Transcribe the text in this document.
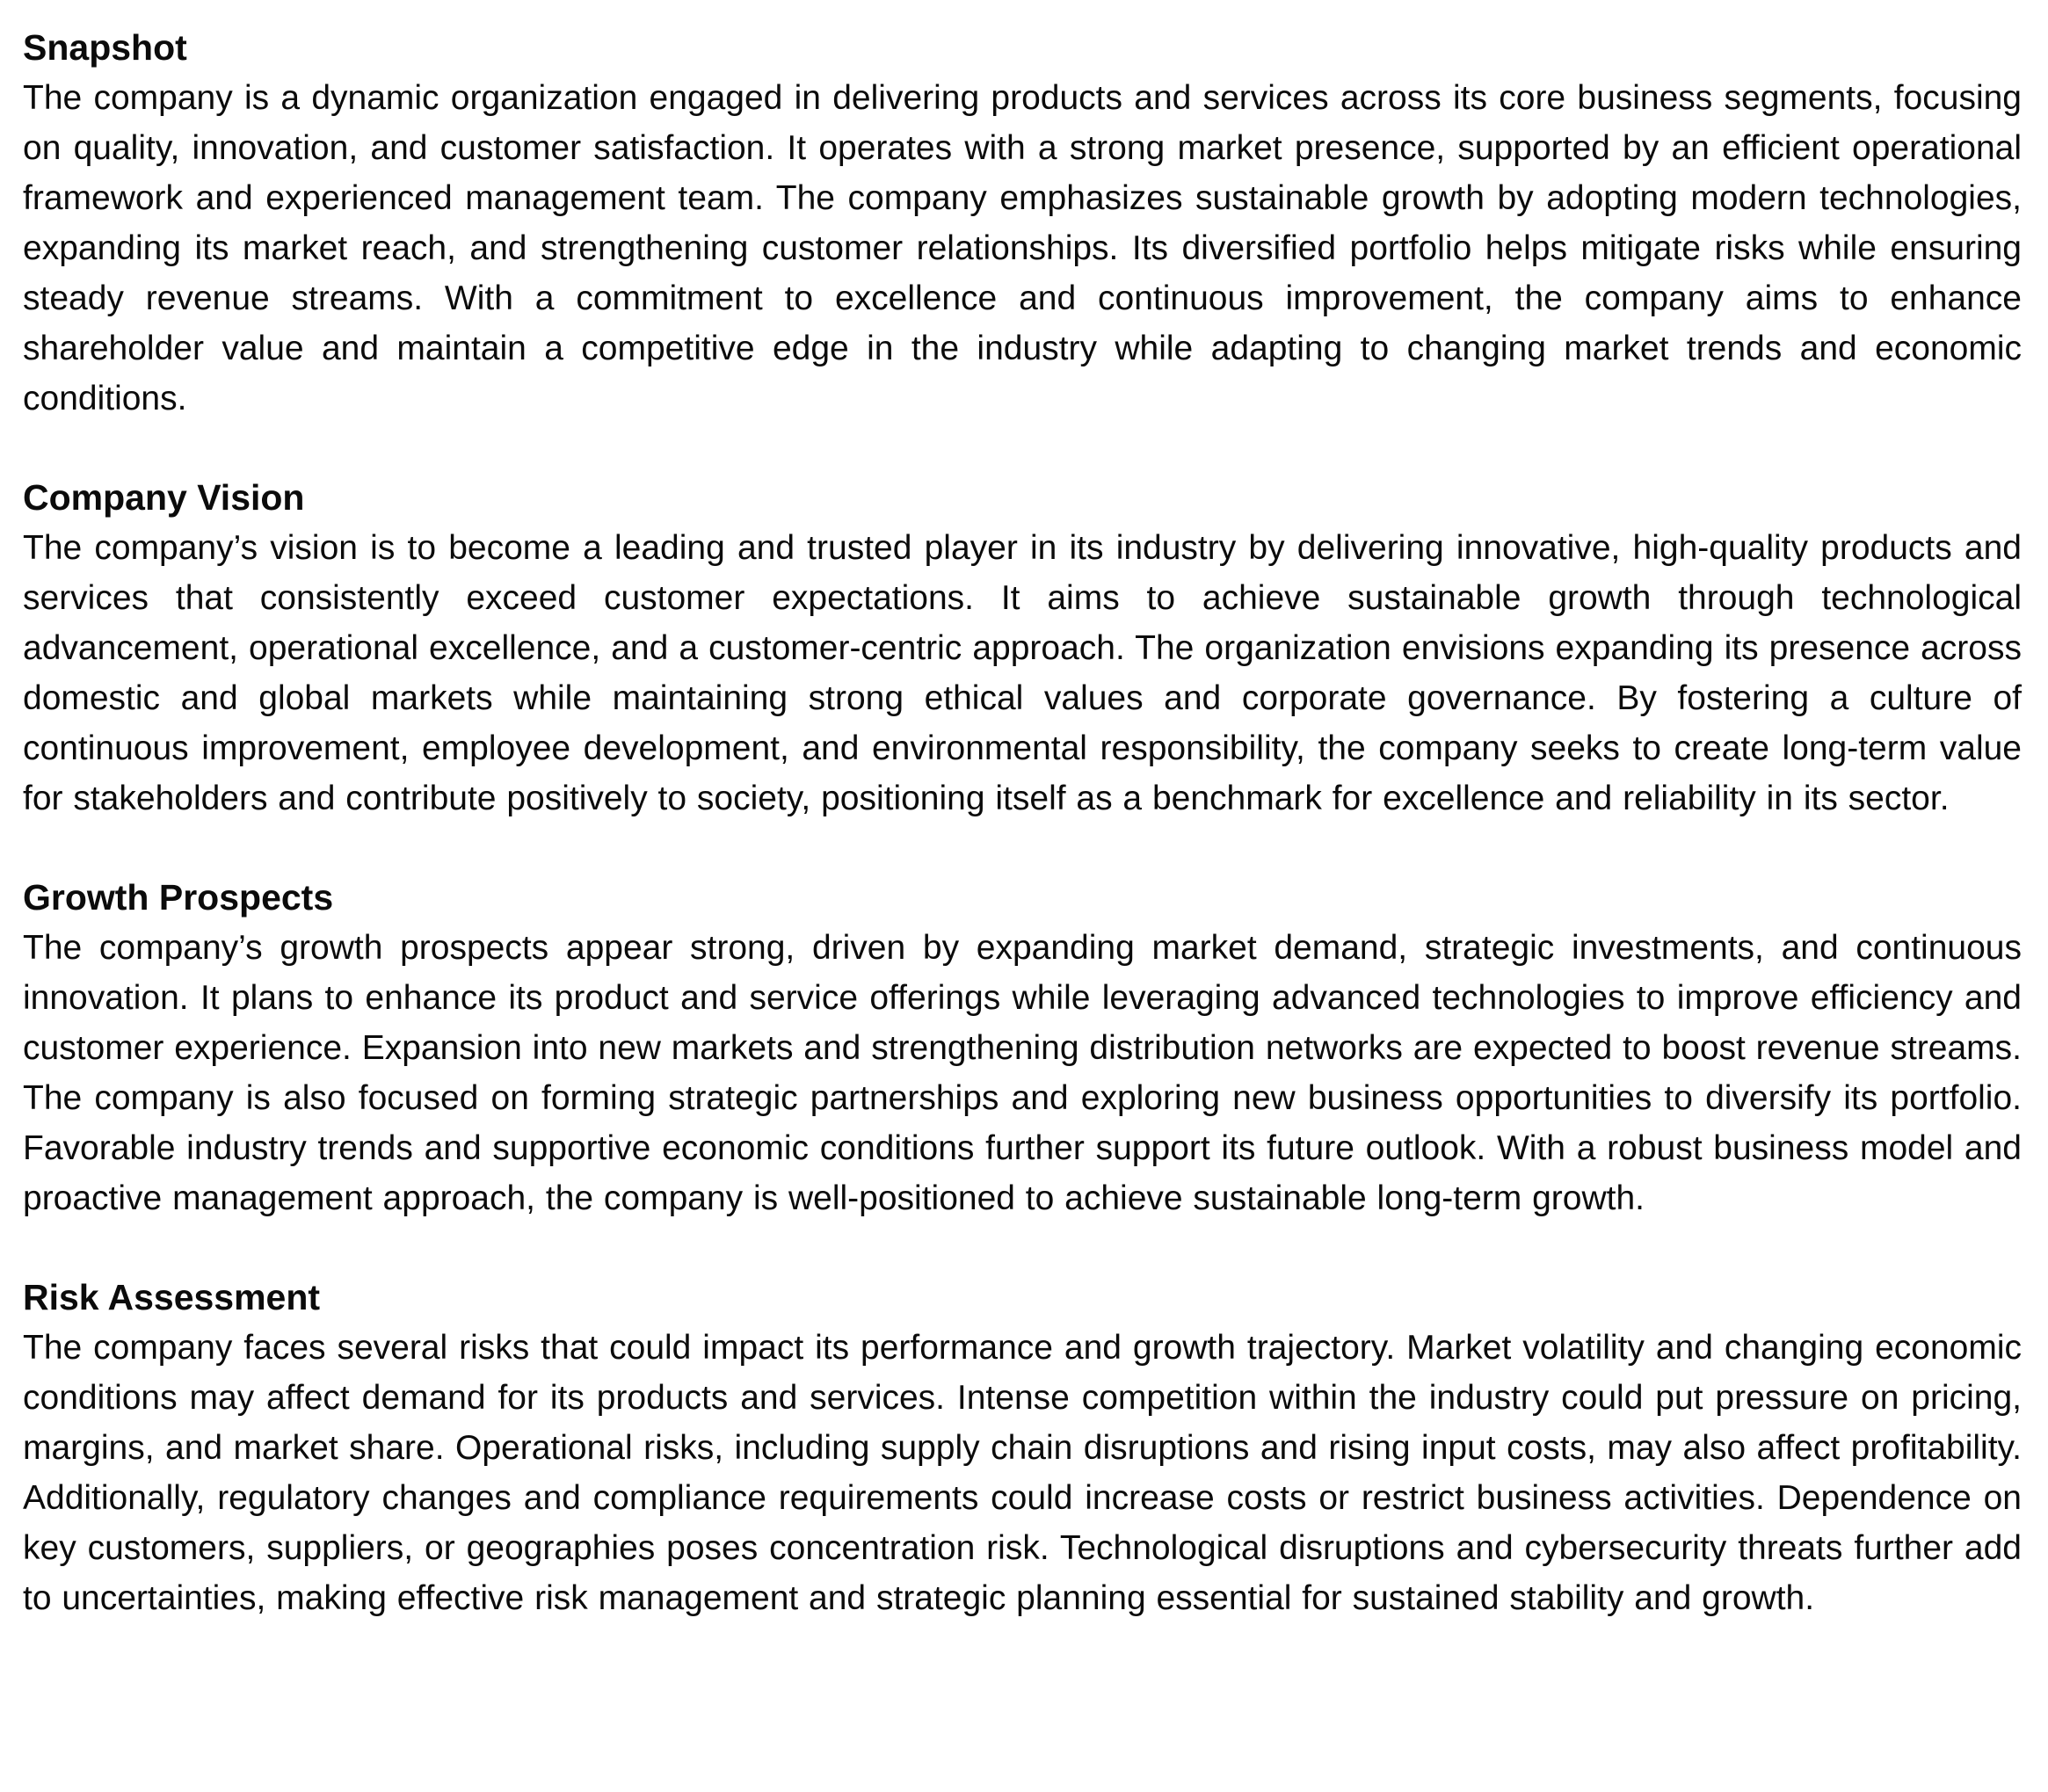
Snapshot

The company is a dynamic organization engaged in delivering products and services across its core business segments, focusing on quality, innovation, and customer satisfaction. It operates with a strong market presence, supported by an efficient operational framework and experienced management team. The company emphasizes sustainable growth by adopting modern technologies, expanding its market reach, and strengthening customer relationships. Its diversified portfolio helps mitigate risks while ensuring steady revenue streams. With a commitment to excellence and continuous improvement, the company aims to enhance shareholder value and maintain a competitive edge in the industry while adapting to changing market trends and economic conditions.

Company Vision

The company’s vision is to become a leading and trusted player in its industry by delivering innovative, high-quality products and services that consistently exceed customer expectations. It aims to achieve sustainable growth through technological advancement, operational excellence, and a customer-centric approach. The organization envisions expanding its presence across domestic and global markets while maintaining strong ethical values and corporate governance. By fostering a culture of continuous improvement, employee development, and environmental responsibility, the company seeks to create long-term value for stakeholders and contribute positively to society, positioning itself as a benchmark for excellence and reliability in its sector.

Growth Prospects

The company’s growth prospects appear strong, driven by expanding market demand, strategic investments, and continuous innovation. It plans to enhance its product and service offerings while leveraging advanced technologies to improve efficiency and customer experience. Expansion into new markets and strengthening distribution networks are expected to boost revenue streams. The company is also focused on forming strategic partnerships and exploring new business opportunities to diversify its portfolio. Favorable industry trends and supportive economic conditions further support its future outlook. With a robust business model and proactive management approach, the company is well-positioned to achieve sustainable long-term growth.

Risk Assessment

The company faces several risks that could impact its performance and growth trajectory. Market volatility and changing economic conditions may affect demand for its products and services. Intense competition within the industry could put pressure on pricing, margins, and market share. Operational risks, including supply chain disruptions and rising input costs, may also affect profitability. Additionally, regulatory changes and compliance requirements could increase costs or restrict business activities. Dependence on key customers, suppliers, or geographies poses concentration risk. Technological disruptions and cybersecurity threats further add to uncertainties, making effective risk management and strategic planning essential for sustained stability and growth.
